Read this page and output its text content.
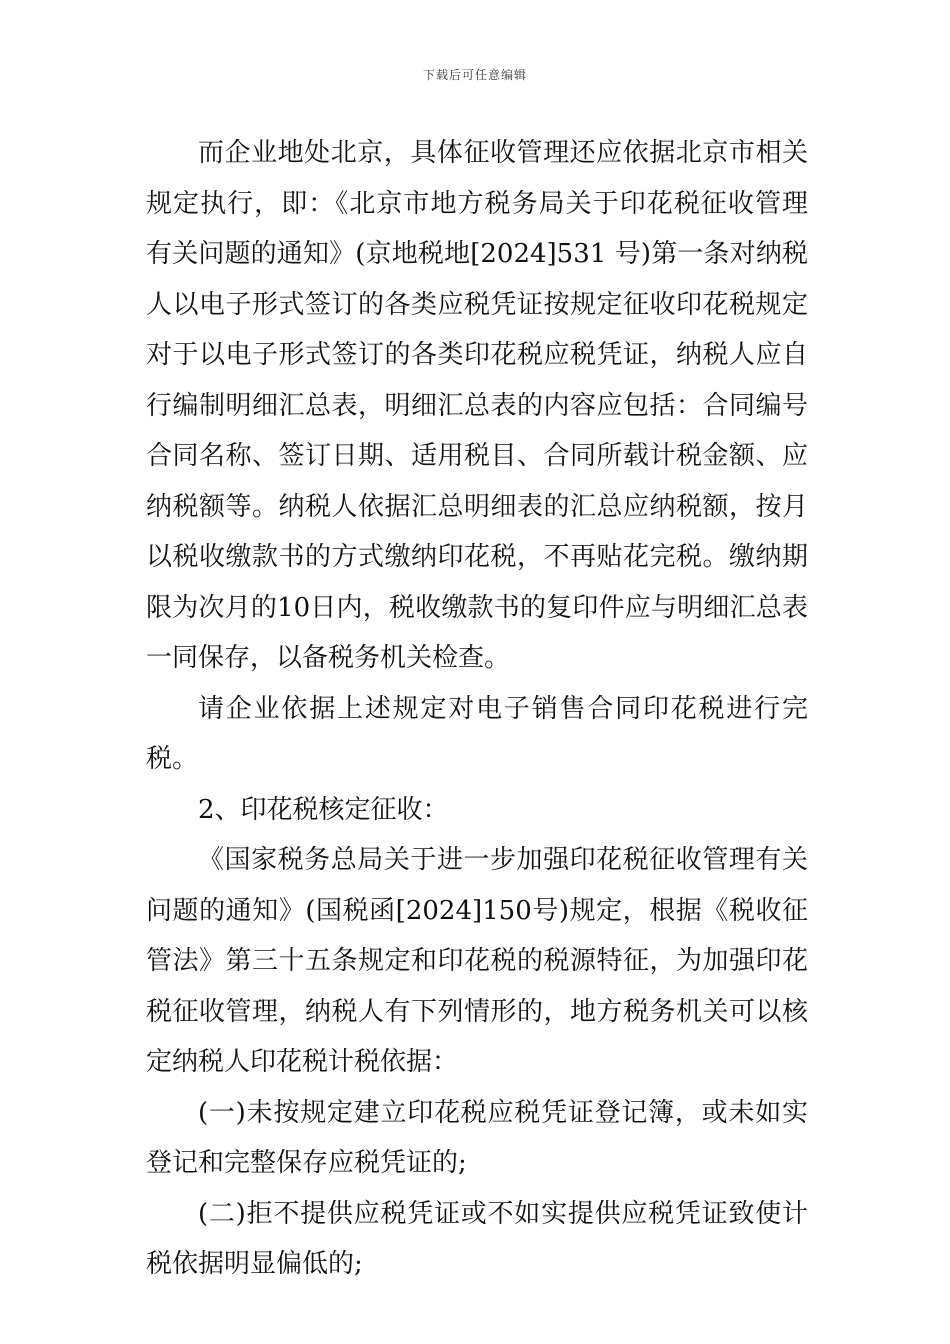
下载后可任意编辑

而企业地处北京，具体征收管理还应依据北京市相关规定执行，即：《北京市地方税务局关于印花税征收管理有关问题的通知》(京地税地[2024]531 号)第一条对纳税人以电子形式签订的各类应税凭证按规定征收印花税规定对于以电子形式签订的各类印花税应税凭证，纳税人应自行编制明细汇总表，明细汇总表的内容应包括：合同编号合同名称、签订日期、适用税目、合同所载计税金额、应纳税额等。纳税人依据汇总明细表的汇总应纳税额，按月以税收缴款书的方式缴纳印花税，不再贴花完税。缴纳期限为次月的10日内，税收缴款书的复印件应与明细汇总表一同保存，以备税务机关检查。

请企业依据上述规定对电子销售合同印花税进行完税。

2、印花税核定征收：

《国家税务总局关于进一步加强印花税征收管理有关问题的通知》(国税函[2024]150号)规定，根据《税收征管法》第三十五条规定和印花税的税源特征，为加强印花税征收管理，纳税人有下列情形的，地方税务机关可以核定纳税人印花税计税依据：

(一)未按规定建立印花税应税凭证登记簿，或未如实登记和完整保存应税凭证的;

(二)拒不提供应税凭证或不如实提供应税凭证致使计税依据明显偏低的;
